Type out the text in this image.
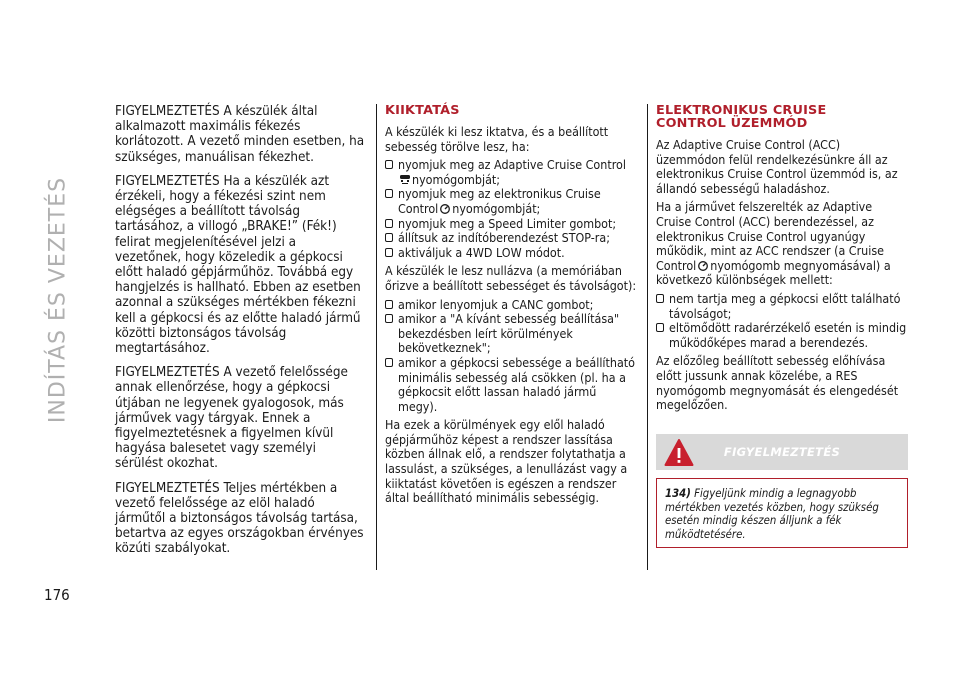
INDÍTÁS ÉS VEZETÉS

FIGYELMEZTETÉS A készülék által alkalmazott maximális fékezés korlátozott. A vezető minden esetben, ha szükséges, manuálisan fékezhet.

FIGYELMEZTETÉS Ha a készülék azt érzékeli, hogy a fékezési szint nem elégséges a beállított távolság tartásához, a villogó „BRAKE!” (Fék!) felirat megjelenítésével jelzi a vezetőnek, hogy közeledik a gépkocsi előtt haladó gépjárműhöz. Továbbá egy hangjelzés is hallható. Ebben az esetben azonnal a szükséges mértékben fékezni kell a gépkocsi és az előtte haladó jármű közötti biztonságos távolság megtartásához.

FIGYELMEZTETÉS A vezető felelőssége annak ellenőrzése, hogy a gépkocsi útjában ne legyenek gyalogosok, más járművek vagy tárgyak. Ennek a figyelmeztetésnek a figyelmen kívül hagyása balesetet vagy személyi sérülést okozhat.

FIGYELMEZTETÉS Teljes mértékben a vezető felelőssége az elöl haladó járműtől a biztonságos távolság tartása, betartva az egyes országokban érvényes közúti szabályokat.

KIIKTATÁS

A készülék ki lesz iktatva, és a beállított sebesség törölve lesz, ha:

nyomjuk meg az Adaptive Cruise Controlnyomógombját;
nyomjuk meg az elektronikus Cruise Control nyomógombját;
nyomjuk meg a Speed Limiter gombot;
állítsuk az indítóberendezést STOP-ra;
aktiváljuk a 4WD LOW módot.

A készülék le lesz nullázva (a memóriában őrizve a beállított sebességet és távolságot):

amikor lenyomjuk a CANC gombot;
amikor a "A kívánt sebesség beállítása" bekezdésben leírt körülmények bekövetkeznek";
amikor a gépkocsi sebessége a beállítható minimális sebesség alá csökken (pl. ha a gépkocsit előtt lassan haladó jármű megy).

Ha ezek a körülmények egy elől haladó gépjárműhöz képest a rendszer lassítása közben állnak elő, a rendszer folytathatja a lassulást, a szükséges, a lenullázást vagy a kiiktatást követően is egészen a rendszer által beállítható minimális sebességig.

ELEKTRONIKUS CRUISE
CONTROL ÜZEMMÓD

Az Adaptive Cruise Control (ACC) üzemmódon felül rendelkezésünkre áll az elektronikus Cruise Control üzemmód is, az állandó sebességű haladáshoz.

Ha a járművet felszerelték az Adaptive Cruise Control (ACC) berendezéssel, az elektronikus Cruise Control ugyanúgy működik, mint az ACC rendszer (a Cruise Control nyomógomb megnyomásával) a következő különbségek mellett:

nem tartja meg a gépkocsi előtt található távolságot;
eltömődött radarérzékelő esetén is mindig működőképes marad a berendezés.

Az előzőleg beállított sebesség előhívása előtt jussunk annak közelébe, a RES nyomógomb megnyomását és elengedését megelőzően.

FIGYELMEZTETÉS
134) Figyeljünk mindig a legnagyobb mértékben vezetés közben, hogy szükség esetén mindig készen álljunk a fék működtetésére.
176
